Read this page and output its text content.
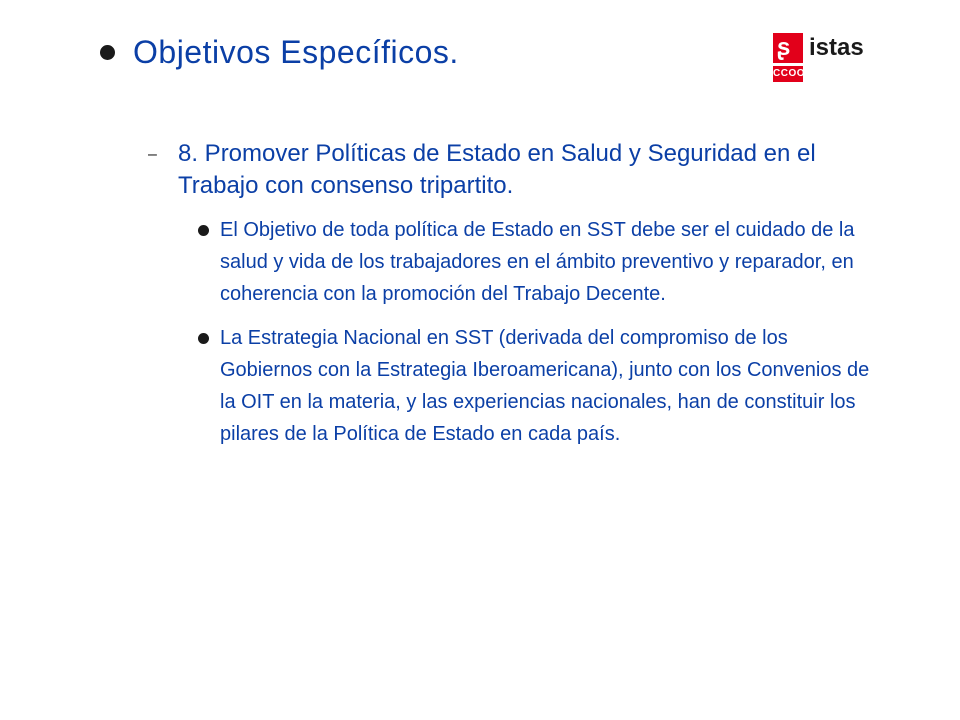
Objetivos Específicos.	ʂ
CCOO
istas
– 8. Promover Políticas de Estado en Salud y Seguridad en el Trabajo con consenso tripartito.
El Objetivo de toda política de Estado en SST debe ser el cuidado de la salud y vida de los trabajadores en el ámbito preventivo y reparador, en coherencia con la promoción del Trabajo Decente.
La Estrategia Nacional en SST (derivada del compromiso de los Gobiernos con la Estrategia Iberoamericana), junto con los Convenios de la OIT en la materia, y las experiencias nacionales, han de constituir los pilares de la Política de Estado en cada país.
